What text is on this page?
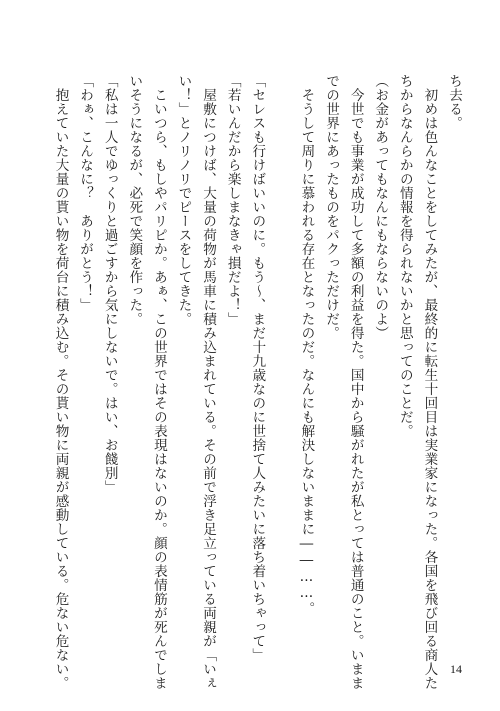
ち去る。
　初めは色んなことをしてみたが、最終的に転生十回目は実業家になった。各国を飛び回る商人た
ちからなんらかの情報を得られないかと思ってのことだ。
（お金があってもなんにもならないのよ）
　今世でも事業が成功して多額の利益を得た。国中から騒がれたが私とっては普通のこと。いまま
での世界にあったものをパクっただけだ。
　そうして周りに慕われる存在となったのだ。なんにも解決しないままに――……。

「セレスも行けばいいのに。もう～、まだ十九歳なのに世捨て人みたいに落ち着いちゃって」
「若いんだから楽しまなきゃ損だよ！」
　屋敷につけば、大量の荷物が馬車に積み込まれている。その前で浮き足立っている両親が「いぇ
い！」とノリノリでピースをしてきた。
　こいつら、もしやパリピか。あぁ、この世界ではその表現はないのか。顔の表情筋が死んでしま
いそうになるが、必死で笑顔を作った。
「私は一人でゆっくりと過ごすから気にしないで。はい、お餞別」
「わぁ、こんなに？　ありがとう！」
　抱えていた大量の貰い物を荷台に積み込む。その貰い物に両親が感動している。危ない危ない。	14
